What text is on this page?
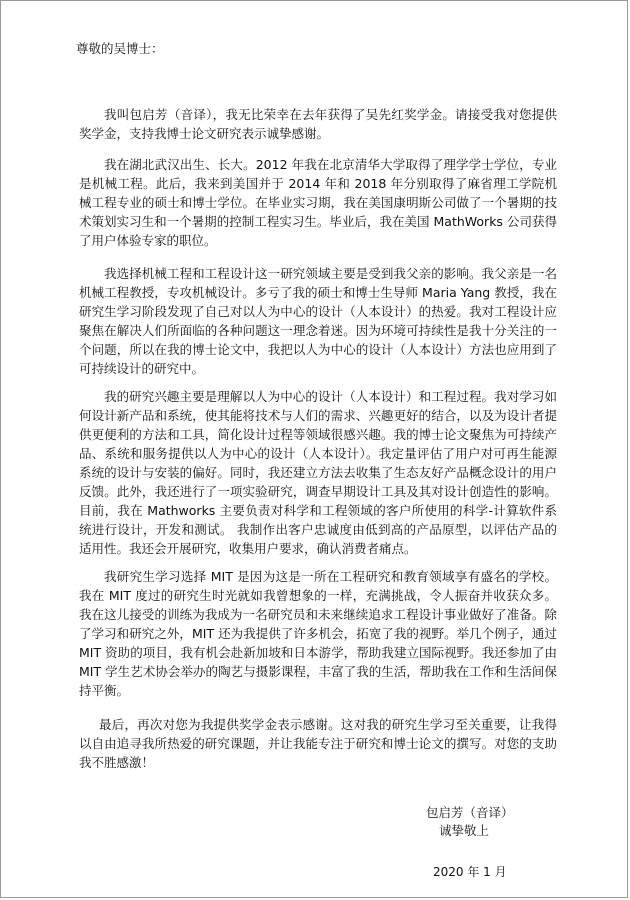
尊敬的吴博士：

我叫包启芳（音译），我无比荣幸在去年获得了吴先红奖学金。请接受我对您提供奖学金，支持我博士论文研究表示诚挚感谢。

我在湖北武汉出生、长大。2012 年我在北京清华大学取得了理学学士学位，专业是机械工程。此后，我来到美国并于 2014 年和 2018 年分别取得了麻省理工学院机械工程专业的硕士和博士学位。在毕业实习期，我在美国康明斯公司做了一个暑期的技术策划实习生和一个暑期的控制工程实习生。毕业后，我在美国 MathWorks 公司获得了用户体验专家的职位。

我选择机械工程和工程设计这一研究领域主要是受到我父亲的影响。我父亲是一名机械工程教授，专攻机械设计。多亏了我的硕士和博士生导师 Maria Yang 教授，我在研究生学习阶段发现了自己对以人为中心的设计（人本设计）的热爱。我对工程设计应聚焦在解决人们所面临的各种问题这一理念着迷。因为环境可持续性是我十分关注的一个问题，所以在我的博士论文中，我把以人为中心的设计（人本设计）方法也应用到了可持续设计的研究中。

我的研究兴趣主要是理解以人为中心的设计（人本设计）和工程过程。我对学习如何设计新产品和系统，使其能将技术与人们的需求、兴趣更好的结合，以及为设计者提供更便利的方法和工具，简化设计过程等领域很感兴趣。我的博士论文聚焦为可持续产品、系统和服务提供以人为中心的设计（人本设计）。我定量评估了用户对可再生能源系统的设计与安装的偏好。同时，我还建立方法去收集了生态友好产品概念设计的用户反馈。此外，我还进行了一项实验研究，调查早期设计工具及其对设计创造性的影响。目前，我在 Mathworks 主要负责对科学和工程领域的客户所使用的科学-计算软件系统进行设计，开发和测试。 我制作出客户忠诚度由低到高的产品原型，以评估产品的适用性。我还会开展研究，收集用户要求，确认消费者痛点。

我研究生学习选择 MIT 是因为这是一所在工程研究和教育领域享有盛名的学校。我在 MIT 度过的研究生时光就如我曾想象的一样，充满挑战，令人振奋并收获众多。我在这儿接受的训练为我成为一名研究员和未来继续追求工程设计事业做好了准备。除了学习和研究之外，MIT 还为我提供了许多机会，拓宽了我的视野。举几个例子，通过 MIT 资助的项目，我有机会赴新加坡和日本游学，帮助我建立国际视野。我还参加了由 MIT 学生艺术协会举办的陶艺与摄影课程，丰富了我的生活，帮助我在工作和生活间保持平衡。

最后，再次对您为我提供奖学金表示感谢。这对我的研究生学习至关重要，让我得以自由追寻我所热爱的研究课题，并让我能专注于研究和博士论文的撰写。对您的支助我不胜感激！

包启芳（音译）
诚挚敬上
2020 年 1 月
